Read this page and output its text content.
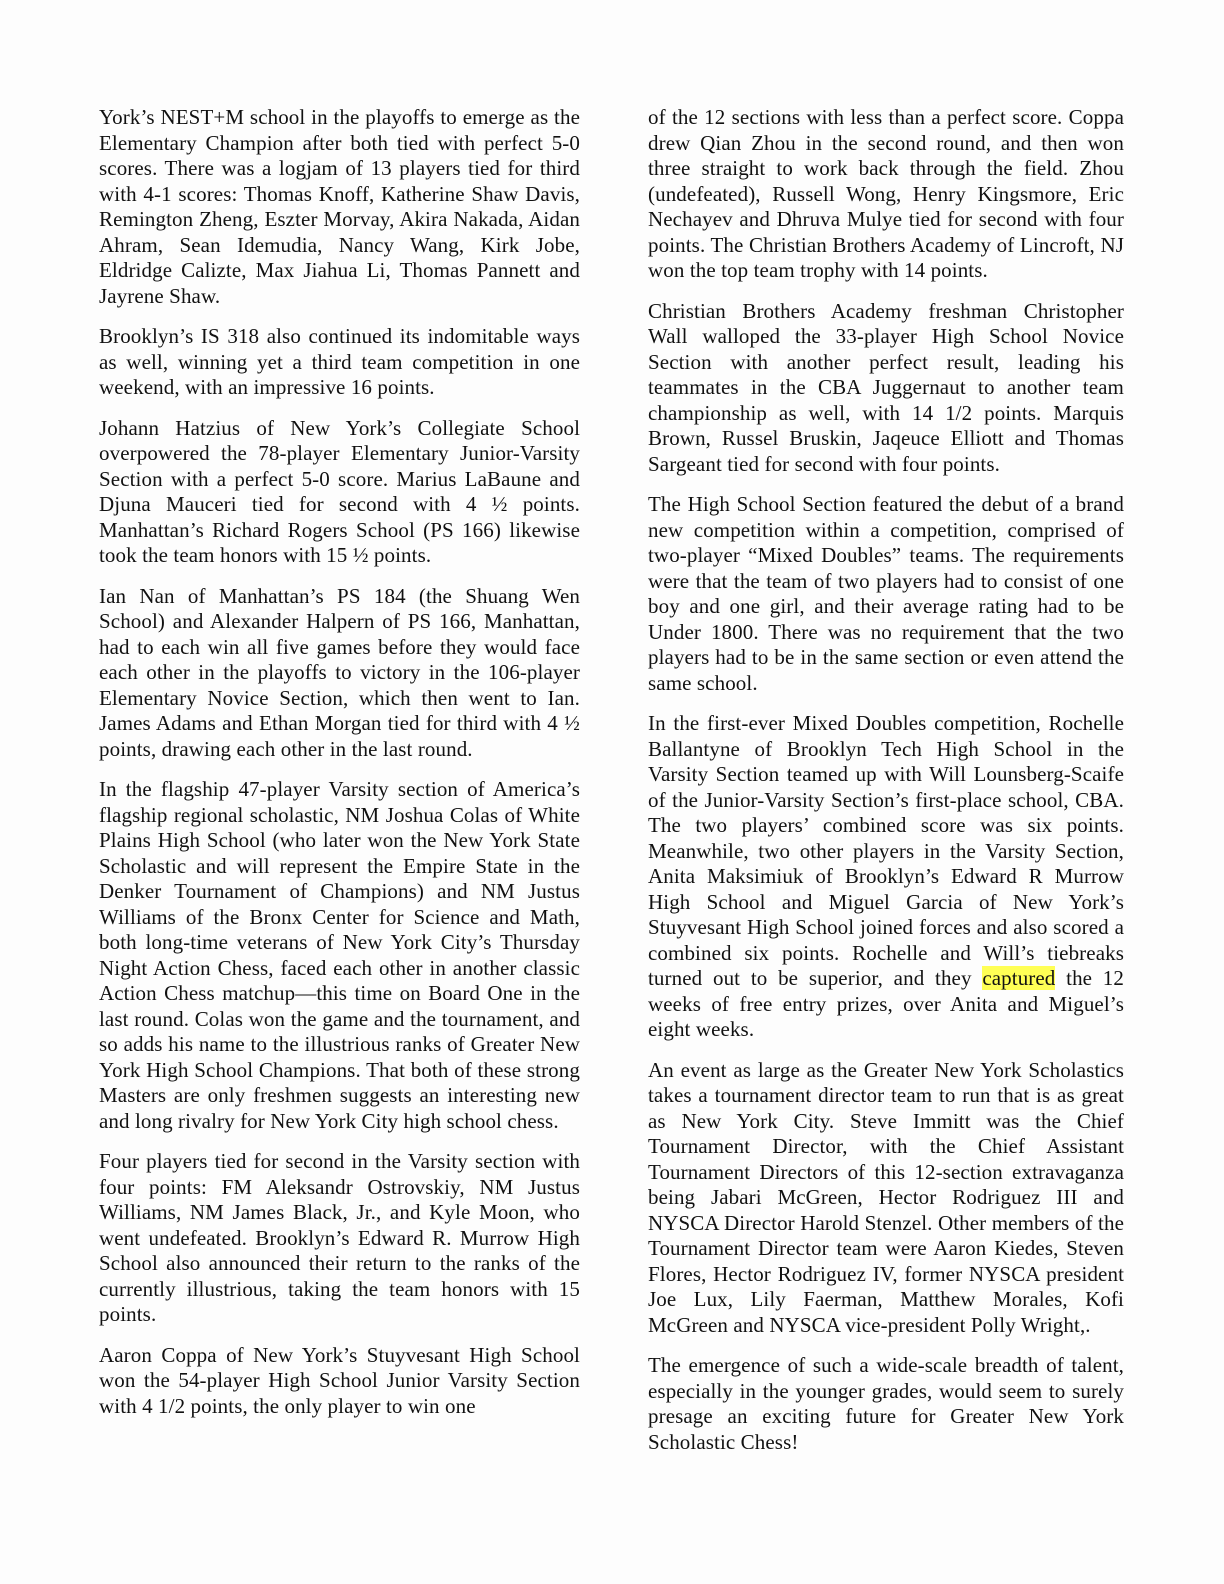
York’s NEST+M school in the playoffs to emerge as the Elementary Champion after both tied with perfect 5-0 scores. There was a logjam of 13 players tied for third with 4-1 scores: Thomas Knoff, Katherine Shaw Davis, Remington Zheng, Eszter Morvay, Akira Nakada, Aidan Ahram, Sean Idemudia, Nancy Wang, Kirk Jobe, Eldridge Calizte, Max Jiahua Li, Thomas Pannett and Jayrene Shaw.

Brooklyn’s IS 318 also continued its indomitable ways as well, winning yet a third team competition in one weekend, with an impressive 16 points.

Johann Hatzius of New York’s Collegiate School overpowered the 78-player Elementary Junior-Varsity Section with a perfect 5-0 score. Marius LaBaune and Djuna Mauceri tied for second with 4 ½ points. Manhattan’s Richard Rogers School (PS 166) likewise took the team honors with 15 ½ points.

Ian Nan of Manhattan’s PS 184 (the Shuang Wen School) and Alexander Halpern of PS 166, Manhattan, had to each win all five games before they would face each other in the playoffs to victory in the 106-player Elementary Novice Section, which then went to Ian. James Adams and Ethan Morgan tied for third with 4 ½ points, drawing each other in the last round.

In the flagship 47-player Varsity section of America’s flagship regional scholastic, NM Joshua Colas of White Plains High School (who later won the New York State Scholastic and will represent the Empire State in the Denker Tournament of Champions) and NM Justus Williams of the Bronx Center for Science and Math, both long-time veterans of New York City’s Thursday Night Action Chess, faced each other in another classic Action Chess matchup—this time on Board One in the last round. Colas won the game and the tournament, and so adds his name to the illustrious ranks of Greater New York High School Champions. That both of these strong Masters are only freshmen suggests an interesting new and long rivalry for New York City high school chess.

Four players tied for second in the Varsity section with four points: FM Aleksandr Ostrovskiy, NM Justus Williams, NM James Black, Jr., and Kyle Moon, who went undefeated. Brooklyn’s Edward R. Murrow High School also announced their return to the ranks of the currently illustrious, taking the team honors with 15 points.

Aaron Coppa of New York’s Stuyvesant High School won the 54-player High School Junior Varsity Section with 4 1/2 points, the only player to win one

of the 12 sections with less than a perfect score. Coppa drew Qian Zhou in the second round, and then won three straight to work back through the field. Zhou (undefeated), Russell Wong, Henry Kingsmore, Eric Nechayev and Dhruva Mulye tied for second with four points. The Christian Brothers Academy of Lincroft, NJ won the top team trophy with 14 points.

Christian Brothers Academy freshman Christopher Wall walloped the 33-player High School Novice Section with another perfect result, leading his teammates in the CBA Juggernaut to another team championship as well, with 14 1/2 points. Marquis Brown, Russel Bruskin, Jaqeuce Elliott and Thomas Sargeant tied for second with four points.

The High School Section featured the debut of a brand new competition within a competition, comprised of two-player “Mixed Doubles” teams. The requirements were that the team of two players had to consist of one boy and one girl, and their average rating had to be Under 1800. There was no requirement that the two players had to be in the same section or even attend the same school.

In the first-ever Mixed Doubles competition, Rochelle Ballantyne of Brooklyn Tech High School in the Varsity Section teamed up with Will Lounsberg-Scaife of the Junior-Varsity Section’s first-place school, CBA. The two players’ combined score was six points. Meanwhile, two other players in the Varsity Section, Anita Maksimiuk of Brooklyn’s Edward R Murrow High School and Miguel Garcia of New York’s Stuyvesant High School joined forces and also scored a combined six points. Rochelle and Will’s tiebreaks turned out to be superior, and they captured the 12 weeks of free entry prizes, over Anita and Miguel’s eight weeks.

An event as large as the Greater New York Scholastics takes a tournament director team to run that is as great as New York City. Steve Immitt was the Chief Tournament Director, with the Chief Assistant Tournament Directors of this 12-section extravaganza being Jabari McGreen, Hector Rodriguez III and NYSCA Director Harold Stenzel. Other members of the Tournament Director team were Aaron Kiedes, Steven Flores, Hector Rodriguez IV, former NYSCA president Joe Lux, Lily Faerman, Matthew Morales, Kofi McGreen and NYSCA vice-president Polly Wright,.

The emergence of such a wide-scale breadth of talent, especially in the younger grades, would seem to surely presage an exciting future for Greater New York Scholastic Chess!
